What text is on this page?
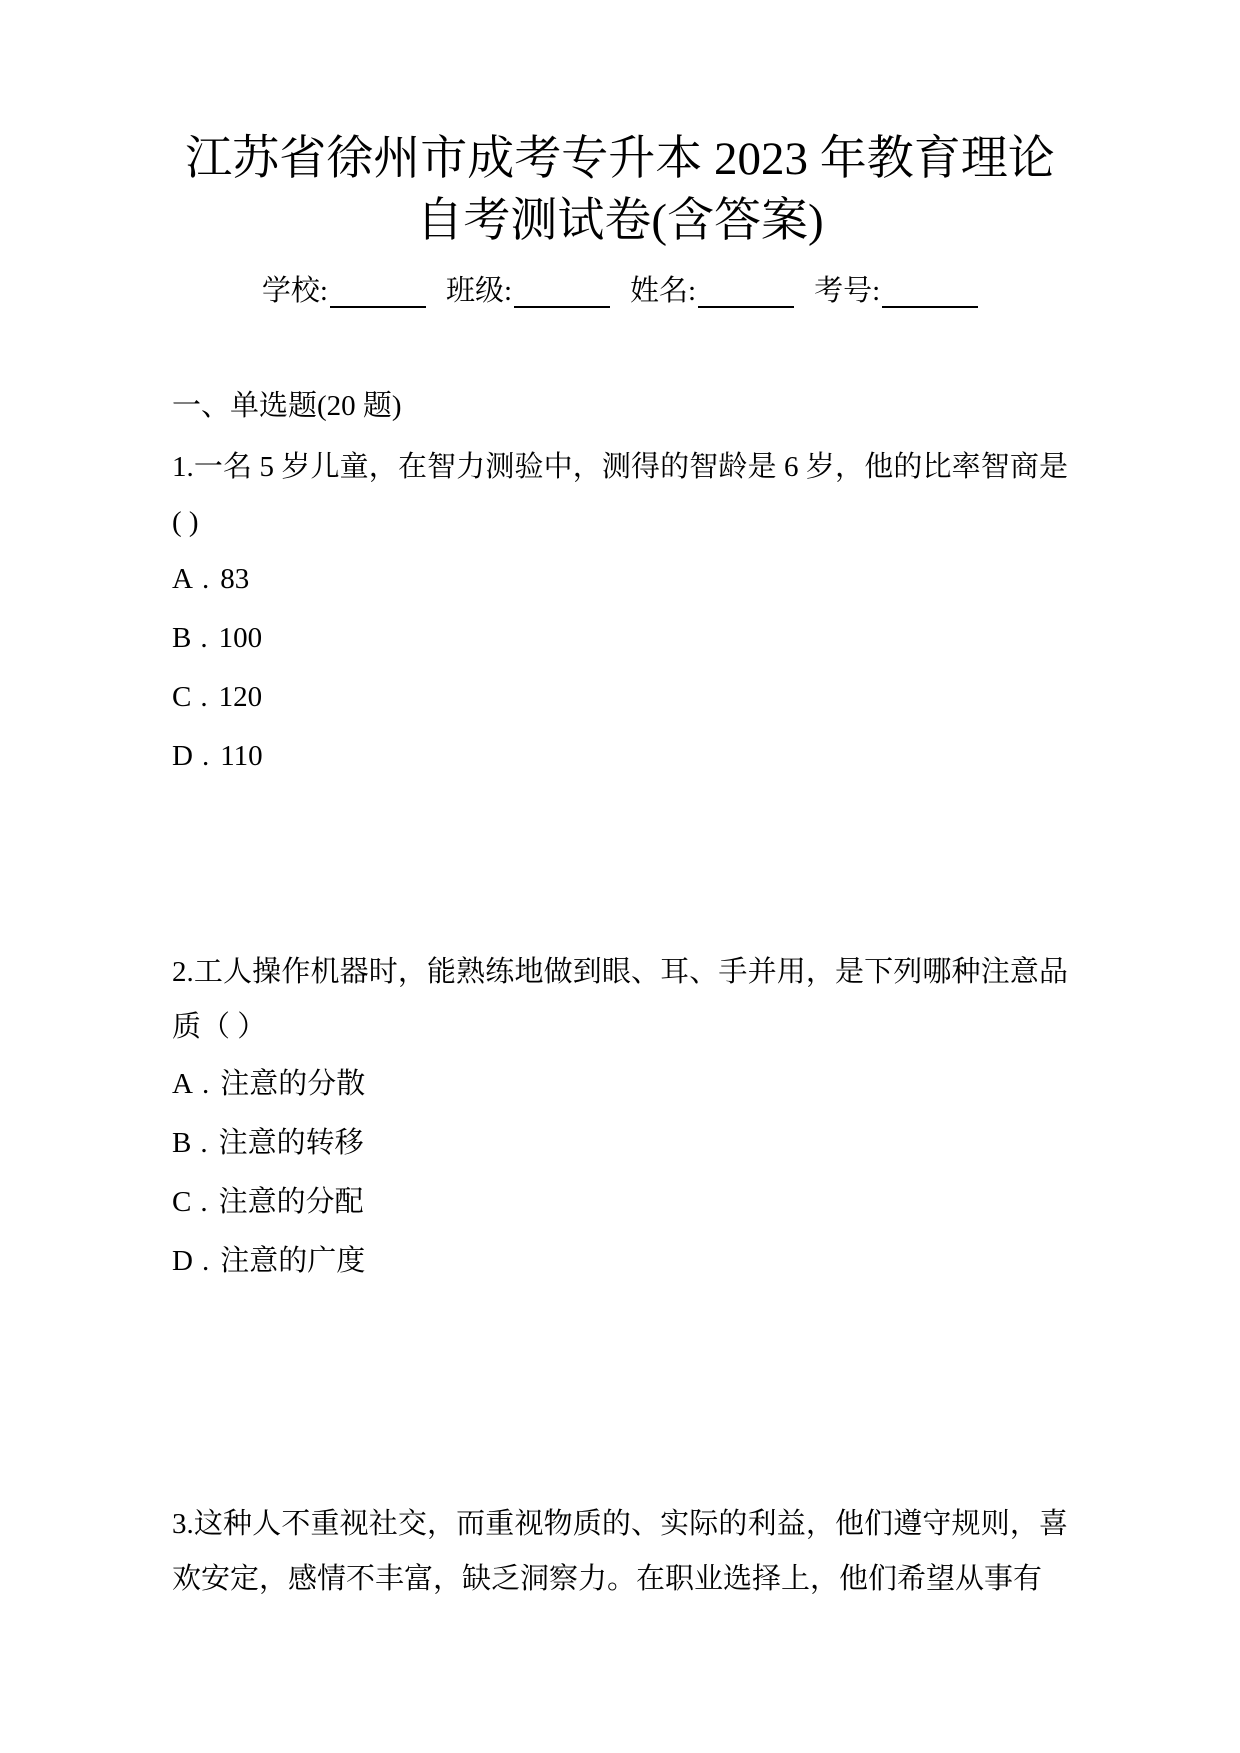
江苏省徐州市成考专升本 2023 年教育理论
自考测试卷(含答案)
学校:	班级:	姓名:	考号:
一、单选题(20 题)
1.一名 5 岁儿童，在智力测验中，测得的智龄是 6 岁，他的比率智商是
( )
A . 83
B . 100
C . 120
D . 110
2.工人操作机器时，能熟练地做到眼、耳、手并用，是下列哪种注意品
质（ ）
A . 注意的分散
B . 注意的转移
C . 注意的分配
D . 注意的广度
3.这种人不重视社交，而重视物质的、实际的利益，他们遵守规则，喜
欢安定，感情不丰富，缺乏洞察力。在职业选择上，他们希望从事有
